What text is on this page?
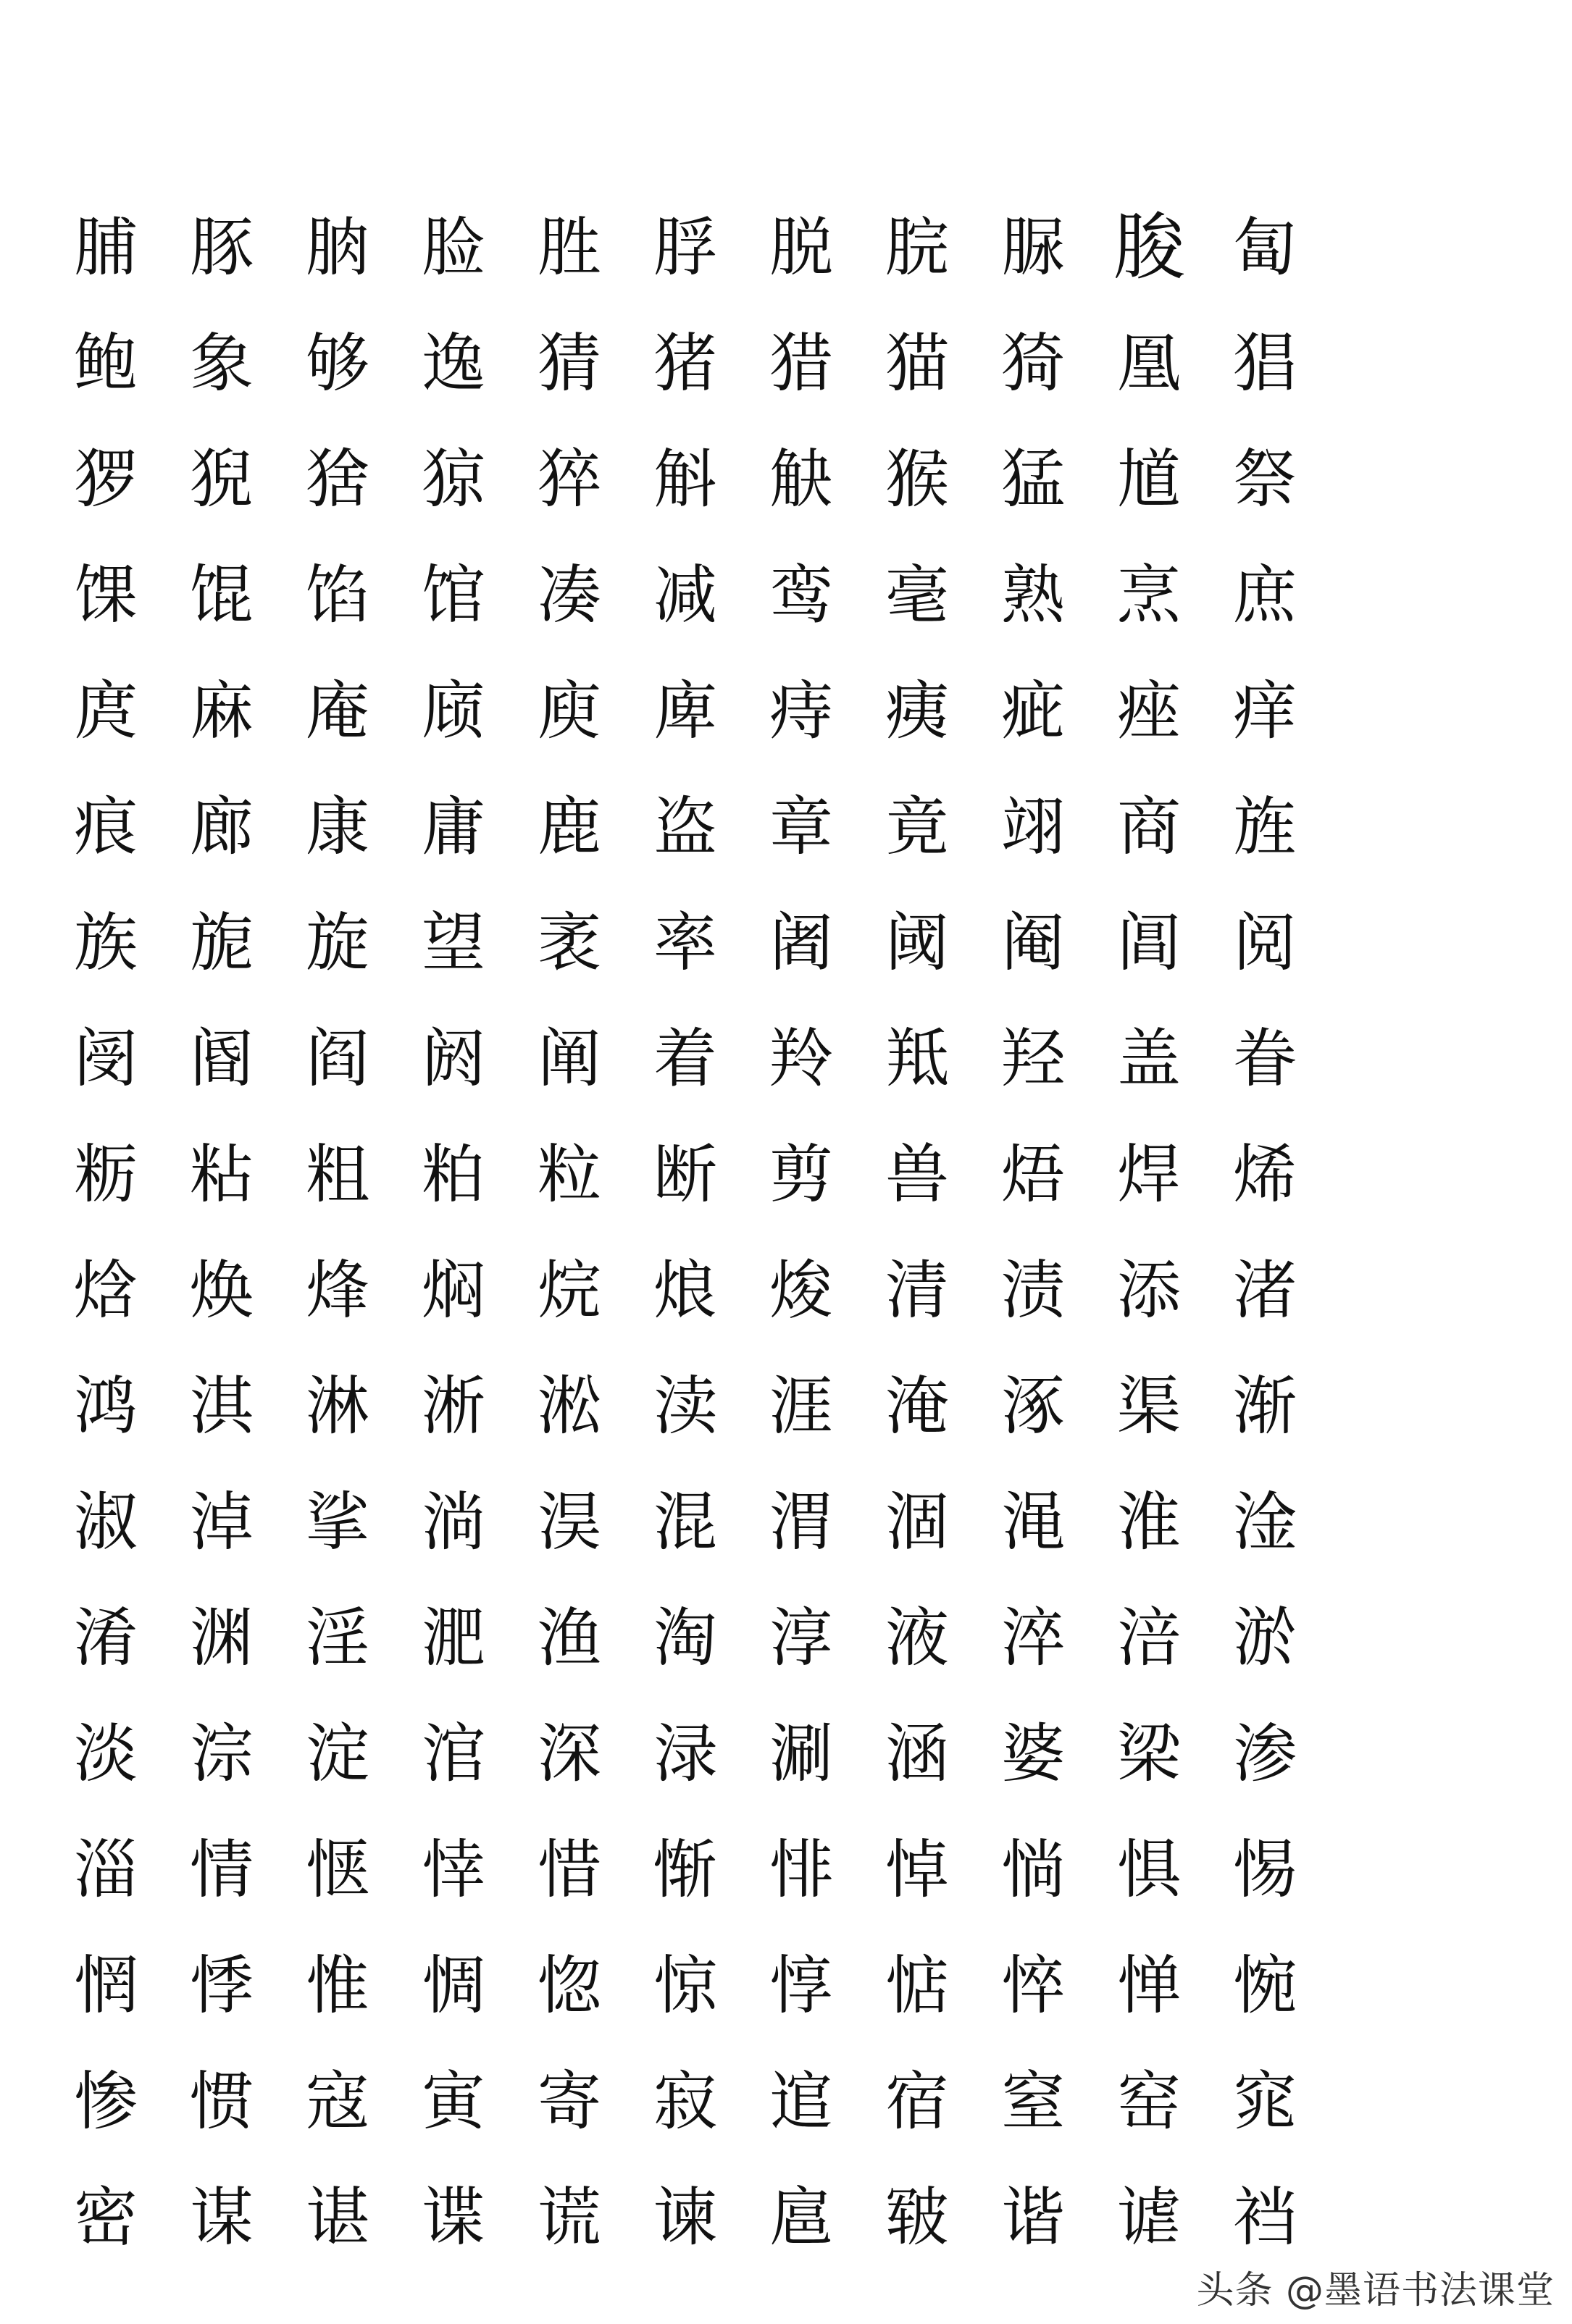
脯 豚 朒 脸 胜 脬 脱 脘 脲 朘 匐
鲍 象 够 逸 猜 猪 猎 猫 猗 凰 猖
猡 猊 猞 猄 猝 斛 觖 猴 猛 馗 祭
馃 馄 馅 馆 凑 减 鸾 毫 熟 烹 庶
庹 麻 庵 庼 庾 庳 痔 痍 疵 痤 痒
痕 廊 康 庸 鹿 盗 章 竟 翊 商 旌
族 旎 旋 望 袤 率 阇 阈 阉 阊 阅
阌 阍 阎 阏 阐 着 羚 羝 羟 盖 眷
粝 粘 粗 粕 粒 断 剪 兽 焐 焊 烯
焓 焕 烽 焖 烷 烺 焌 清 渍 添 渚
鸿 淇 淋 淅 淞 渎 涯 淹 涿 渠 渐
淑 淖 挲 淌 淏 混 渭 涸 渑 淮 淦
淆 渊 淫 淝 渔 淘 淳 液 淬 涪 淤
淡 淙 淀 涫 深 渌 涮 涵 婆 梁 渗
淄 情 惬 悻 惜 惭 悱 悼 惝 惧 惕
惘 悸 惟 惆 惚 惊 惇 惦 悴 惮 惋
惨 惯 寇 寅 寄 寂 逭 宿 窒 窑 窕
密 谋 谌 谍 谎 谏 扈 皲 谐 谑 裆
头条 @墨语书法课堂
